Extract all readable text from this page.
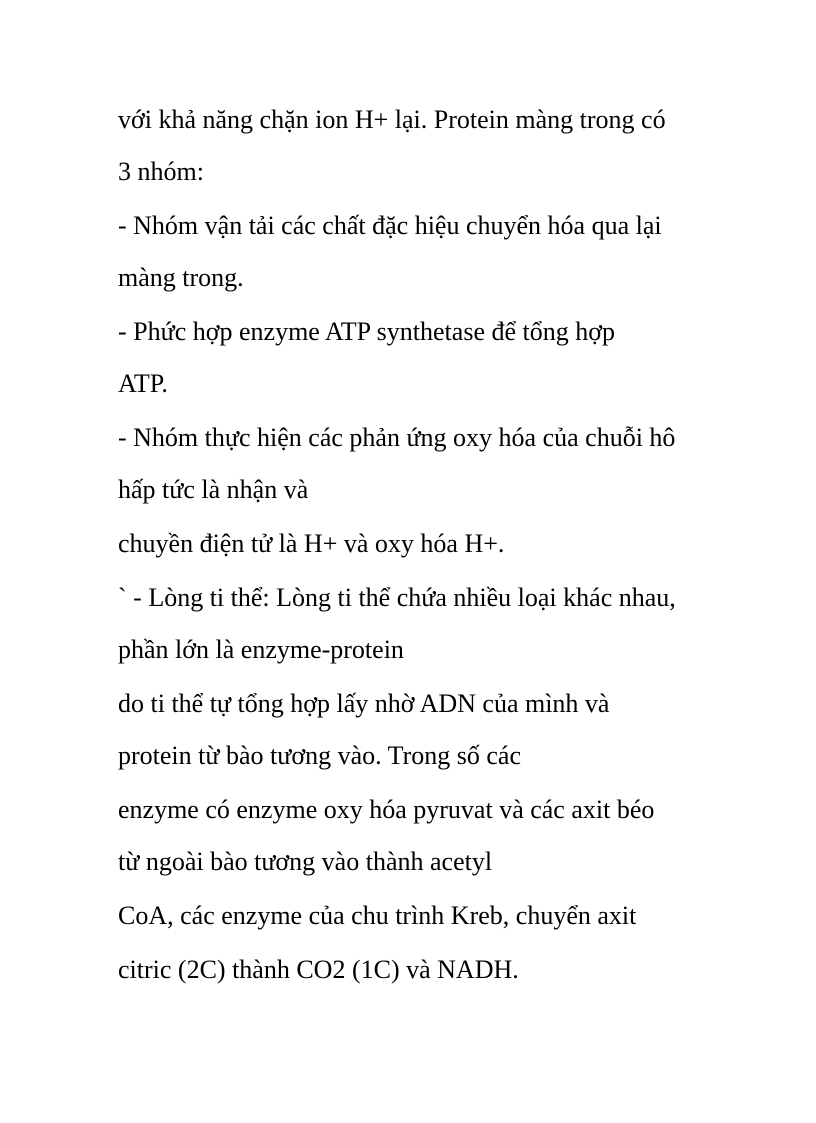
với khả năng chặn ion H+ lại. Protein màng trong có
3 nhóm:
- Nhóm vận tải các chất đặc hiệu chuyển hóa qua lại
màng trong.
- Phức hợp enzyme ATP synthetase để tổng hợp
ATP.
- Nhóm thực hiện các phản ứng oxy hóa của chuỗi hô
hấp tức là nhận và
chuyền điện tử là H+ và oxy hóa H+.
` - Lòng ti thể: Lòng ti thể chứa nhiều loại khác nhau,
phần lớn là enzyme-protein
do ti thể tự tổng hợp lấy nhờ ADN của mình và
protein từ bào tương vào. Trong số các
enzyme có enzyme oxy hóa pyruvat và các axit béo
từ ngoài bào tương vào thành acetyl
CoA, các enzyme của chu trình Kreb, chuyển axit
citric (2C) thành CO2 (1C) và NADH.
